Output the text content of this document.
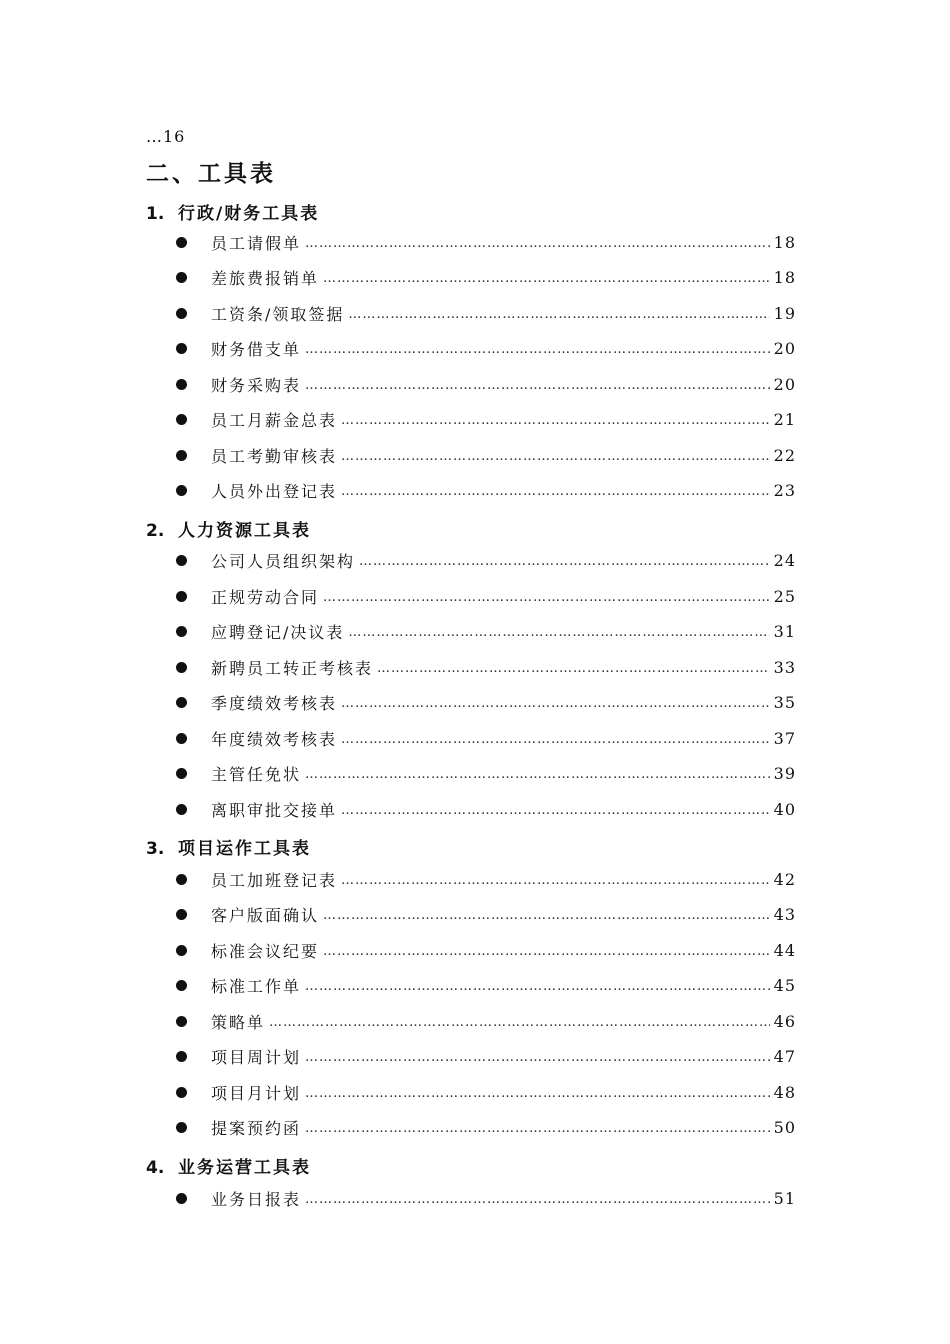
…16
二、工具表
1. 行政/财务工具表
员工请假单 …………………………………………………………………………………………………………	18
差旅费报销单 …………………………………………………………………………………………………………	18
工资条/领取签据 …………………………………………………………………………………………………………	19
财务借支单 …………………………………………………………………………………………………………	20
财务采购表 …………………………………………………………………………………………………………	20
员工月薪金总表 …………………………………………………………………………………………………………	21
员工考勤审核表 …………………………………………………………………………………………………………	22
人员外出登记表 …………………………………………………………………………………………………………	23
2. 人力资源工具表
公司人员组织架构 …………………………………………………………………………………………………………	24
正规劳动合同 …………………………………………………………………………………………………………	25
应聘登记/决议表 …………………………………………………………………………………………………………	31
新聘员工转正考核表 …………………………………………………………………………………………………………	33
季度绩效考核表 …………………………………………………………………………………………………………	35
年度绩效考核表 …………………………………………………………………………………………………………	37
主管任免状 …………………………………………………………………………………………………………	39
离职审批交接单 …………………………………………………………………………………………………………	40
3. 项目运作工具表
员工加班登记表 …………………………………………………………………………………………………………	42
客户版面确认 …………………………………………………………………………………………………………	43
标准会议纪要 …………………………………………………………………………………………………………	44
标准工作单 …………………………………………………………………………………………………………	45
策略单 …………………………………………………………………………………………………………	46
项目周计划 …………………………………………………………………………………………………………	47
项目月计划 …………………………………………………………………………………………………………	48
提案预约函 …………………………………………………………………………………………………………	50
4. 业务运营工具表
业务日报表 …………………………………………………………………………………………………………	51
